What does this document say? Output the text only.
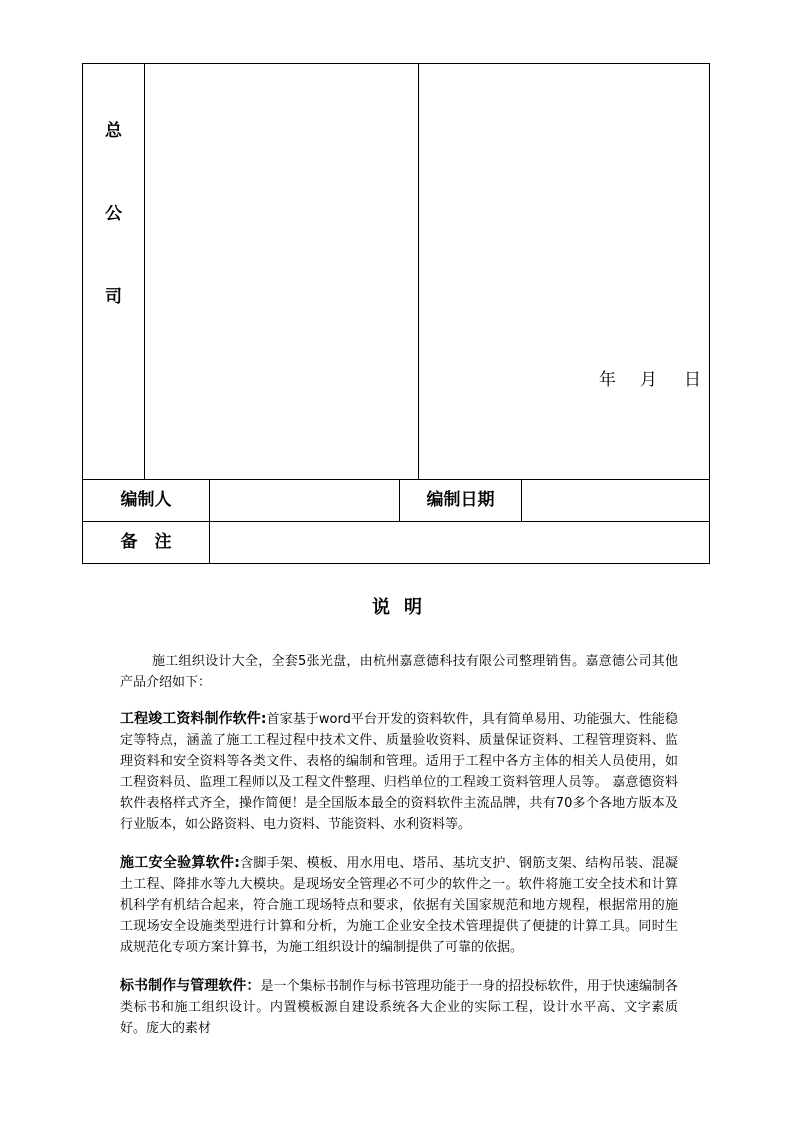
总
公
司
年 月 日
编制人	编制日期
备　注
说明
施工组织设计大全，全套5张光盘，由杭州嘉意德科技有限公司整理销售。嘉意德公司其他产品介绍如下：
工程竣工资料制作软件:首家基于word平台开发的资料软件，具有简单易用、功能强大、性能稳定等特点，涵盖了施工工程过程中技术文件、质量验收资料、质量保证资料、工程管理资料、监理资料和安全资料等各类文件、表格的编制和管理。适用于工程中各方主体的相关人员使用，如工程资料员、监理工程师以及工程文件整理、归档单位的工程竣工资料管理人员等。 嘉意德资料软件表格样式齐全，操作简便！是全国版本最全的资料软件主流品牌，共有70多个各地方版本及行业版本，如公路资料、电力资料、节能资料、水利资料等。
施工安全验算软件:含脚手架、模板、用水用电、塔吊、基坑支护、钢筋支架、结构吊装、混凝土工程、降排水等九大模块。是现场安全管理必不可少的软件之一。软件将施工安全技术和计算机科学有机结合起来，符合施工现场特点和要求，依据有关国家规范和地方规程，根据常用的施工现场安全设施类型进行计算和分析，为施工企业安全技术管理提供了便捷的计算工具。同时生成规范化专项方案计算书，为施工组织设计的编制提供了可靠的依据。
标书制作与管理软件：是一个集标书制作与标书管理功能于一身的招投标软件，用于快速编制各类标书和施工组织设计。内置模板源自建设系统各大企业的实际工程，设计水平高、文字素质好。庞大的素材
